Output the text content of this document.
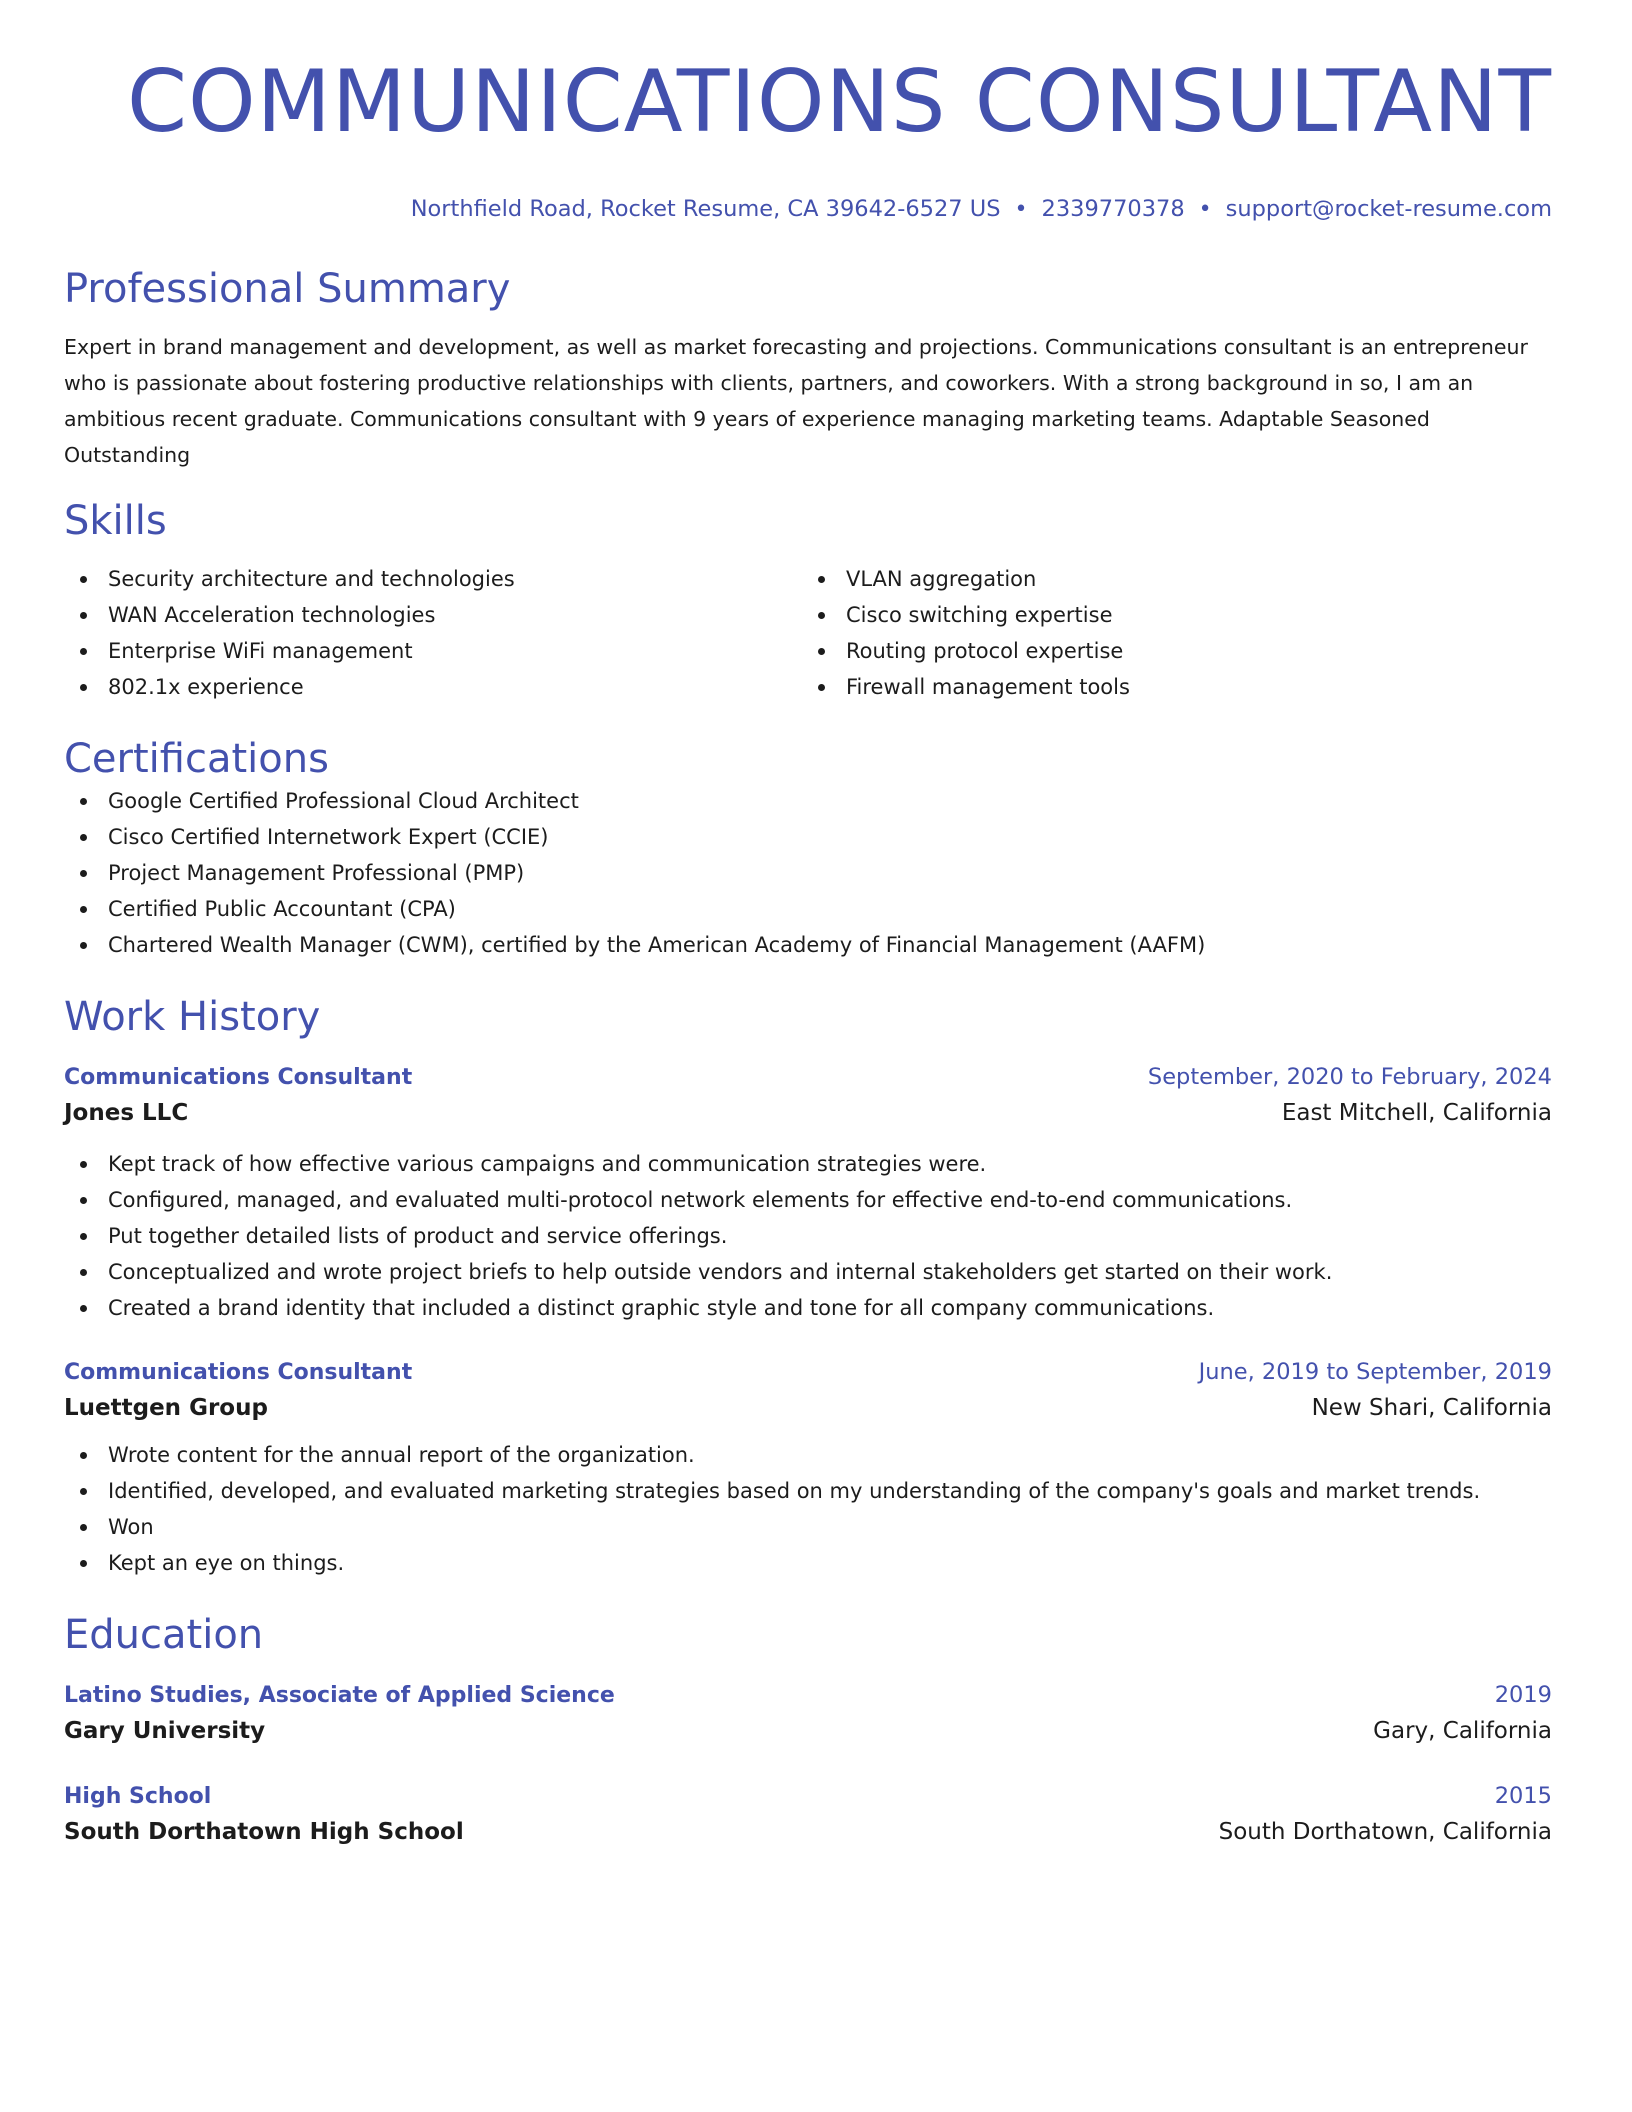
COMMUNICATIONS CONSULTANT
Northfield Road, Rocket Resume, CA 39642-6527 US • 2339770378 • support@rocket-resume.com
Professional Summary
Expert in brand management and development, as well as market forecasting and projections. Communications consultant is an entrepreneur who is passionate about fostering productive relationships with clients, partners, and coworkers. With a strong background in so, I am an ambitious recent graduate. Communications consultant with 9 years of experience managing marketing teams. Adaptable Seasoned Outstanding
Skills
Security architecture and technologies
WAN Acceleration technologies
Enterprise WiFi management
802.1x experience
VLAN aggregation
Cisco switching expertise
Routing protocol expertise
Firewall management tools
Certifications
Google Certified Professional Cloud Architect
Cisco Certified Internetwork Expert (CCIE)
Project Management Professional (PMP)
Certified Public Accountant (CPA)
Chartered Wealth Manager (CWM), certified by the American Academy of Financial Management (AAFM)
Work History
Communications Consultant	September, 2020 to February, 2024
Jones LLC	East Mitchell, California
Kept track of how effective various campaigns and communication strategies were.
Configured, managed, and evaluated multi-protocol network elements for effective end-to-end communications.
Put together detailed lists of product and service offerings.
Conceptualized and wrote project briefs to help outside vendors and internal stakeholders get started on their work.
Created a brand identity that included a distinct graphic style and tone for all company communications.
Communications Consultant	June, 2019 to September, 2019
Luettgen Group	New Shari, California
Wrote content for the annual report of the organization.
Identified, developed, and evaluated marketing strategies based on my understanding of the company's goals and market trends.
Won
Kept an eye on things.
Education
Latino Studies, Associate of Applied Science	2019
Gary University	Gary, California
High School	2015
South Dorthatown High School	South Dorthatown, California
